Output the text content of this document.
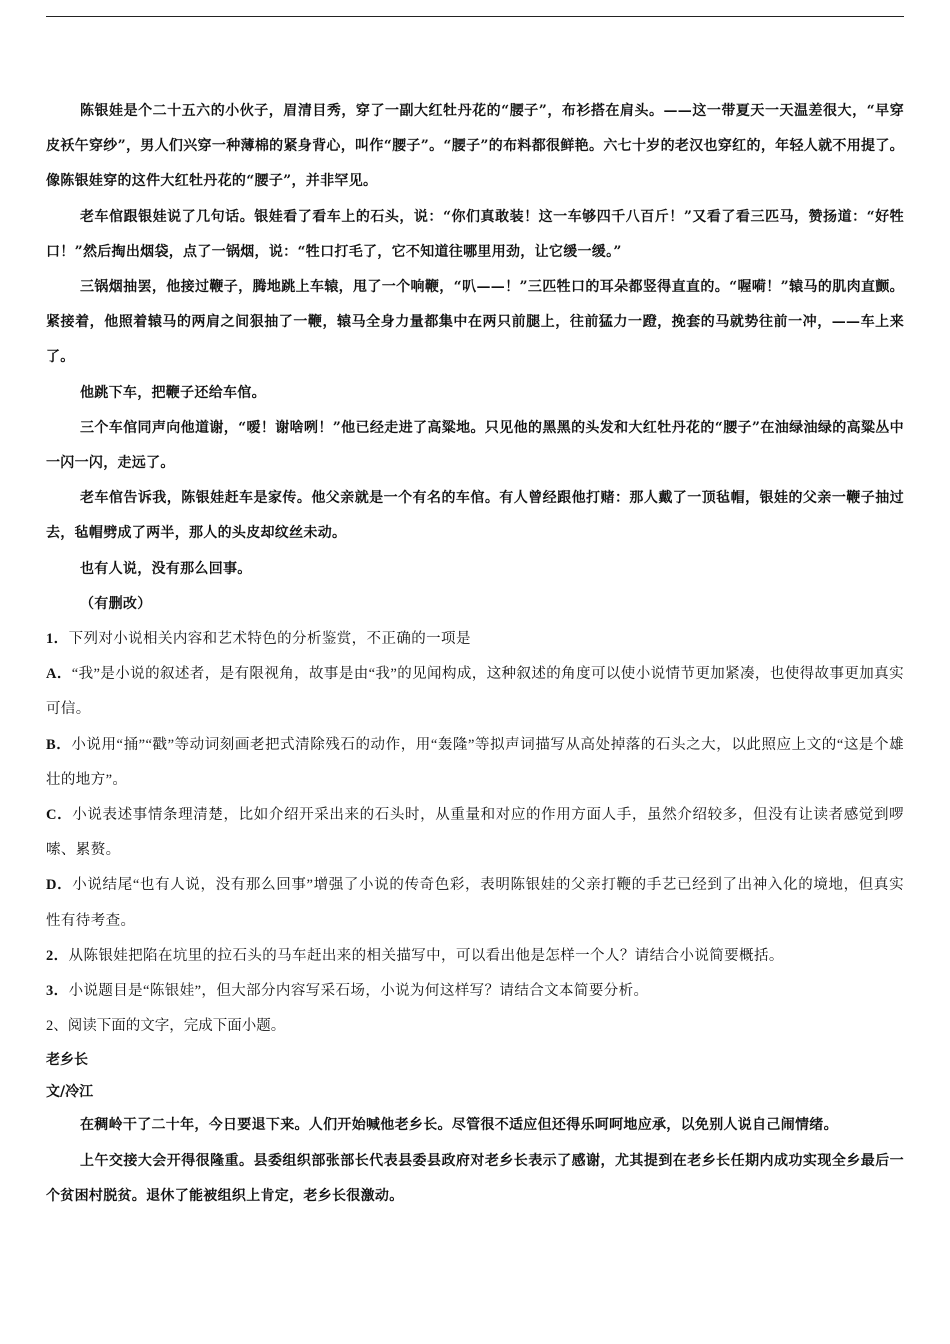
陈银娃是个二十五六的小伙子，眉清目秀，穿了一副大红牡丹花的“腰子”，布衫搭在肩头。——这一带夏天一天温差很大，“早穿皮袄午穿纱”，男人们兴穿一种薄棉的紧身背心，叫作“腰子”。“腰子”的布料都很鲜艳。六七十岁的老汉也穿红的，年轻人就不用提了。像陈银娃穿的这件大红牡丹花的“腰子”，并非罕见。

老车倌跟银娃说了几句话。银娃看了看车上的石头，说：“你们真敢装！这一车够四千八百斤！”又看了看三匹马，赞扬道：“好牲口！”然后掏出烟袋，点了一锅烟，说：“牲口打毛了，它不知道往哪里用劲，让它缓一缓。”

三锅烟抽罢，他接过鞭子，腾地跳上车辕，甩了一个响鞭，“叭——！”三匹牲口的耳朵都竖得直直的。“喔嗬！”辕马的肌肉直颤。紧接着，他照着辕马的两肩之间狠抽了一鞭，辕马全身力量都集中在两只前腿上，往前猛力一蹬，挽套的马就势往前一冲，——车上来了。

他跳下车，把鞭子还给车倌。

三个车倌同声向他道谢，“嗳！谢啥咧！”他已经走进了高粱地。只见他的黑黑的头发和大红牡丹花的“腰子”在油绿油绿的高粱丛中一闪一闪，走远了。

老车倌告诉我，陈银娃赶车是家传。他父亲就是一个有名的车倌。有人曾经跟他打赌：那人戴了一顶毡帽，银娃的父亲一鞭子抽过去，毡帽劈成了两半，那人的头皮却纹丝未动。

也有人说，没有那么回事。

（有删改）

1．下列对小说相关内容和艺术特色的分析鉴赏，不正确的一项是

A．“我”是小说的叙述者，是有限视角，故事是由“我”的见闻构成，这种叙述的角度可以使小说情节更加紧凑，也使得故事更加真实可信。

B．小说用“捅”“戳”等动词刻画老把式清除残石的动作，用“轰隆”等拟声词描写从高处掉落的石头之大，以此照应上文的“这是个雄壮的地方”。

C．小说表述事情条理清楚，比如介绍开采出来的石头时，从重量和对应的作用方面人手，虽然介绍较多，但没有让读者感觉到啰嗦、累赘。

D．小说结尾“也有人说，没有那么回事”增强了小说的传奇色彩，表明陈银娃的父亲打鞭的手艺已经到了出神入化的境地，但真实性有待考查。

2．从陈银娃把陷在坑里的拉石头的马车赶出来的相关描写中，可以看出他是怎样一个人？请结合小说简要概括。

3．小说题目是“陈银娃”，但大部分内容写采石场，小说为何这样写？请结合文本简要分析。

2、阅读下面的文字，完成下面小题。

老乡长

文/冷江

在稠岭干了二十年，今日要退下来。人们开始喊他老乡长。尽管很不适应但还得乐呵呵地应承，以免别人说自己闹情绪。

上午交接大会开得很隆重。县委组织部张部长代表县委县政府对老乡长表示了感谢，尤其提到在老乡长任期内成功实现全乡最后一个贫困村脱贫。退休了能被组织上肯定，老乡长很激动。
